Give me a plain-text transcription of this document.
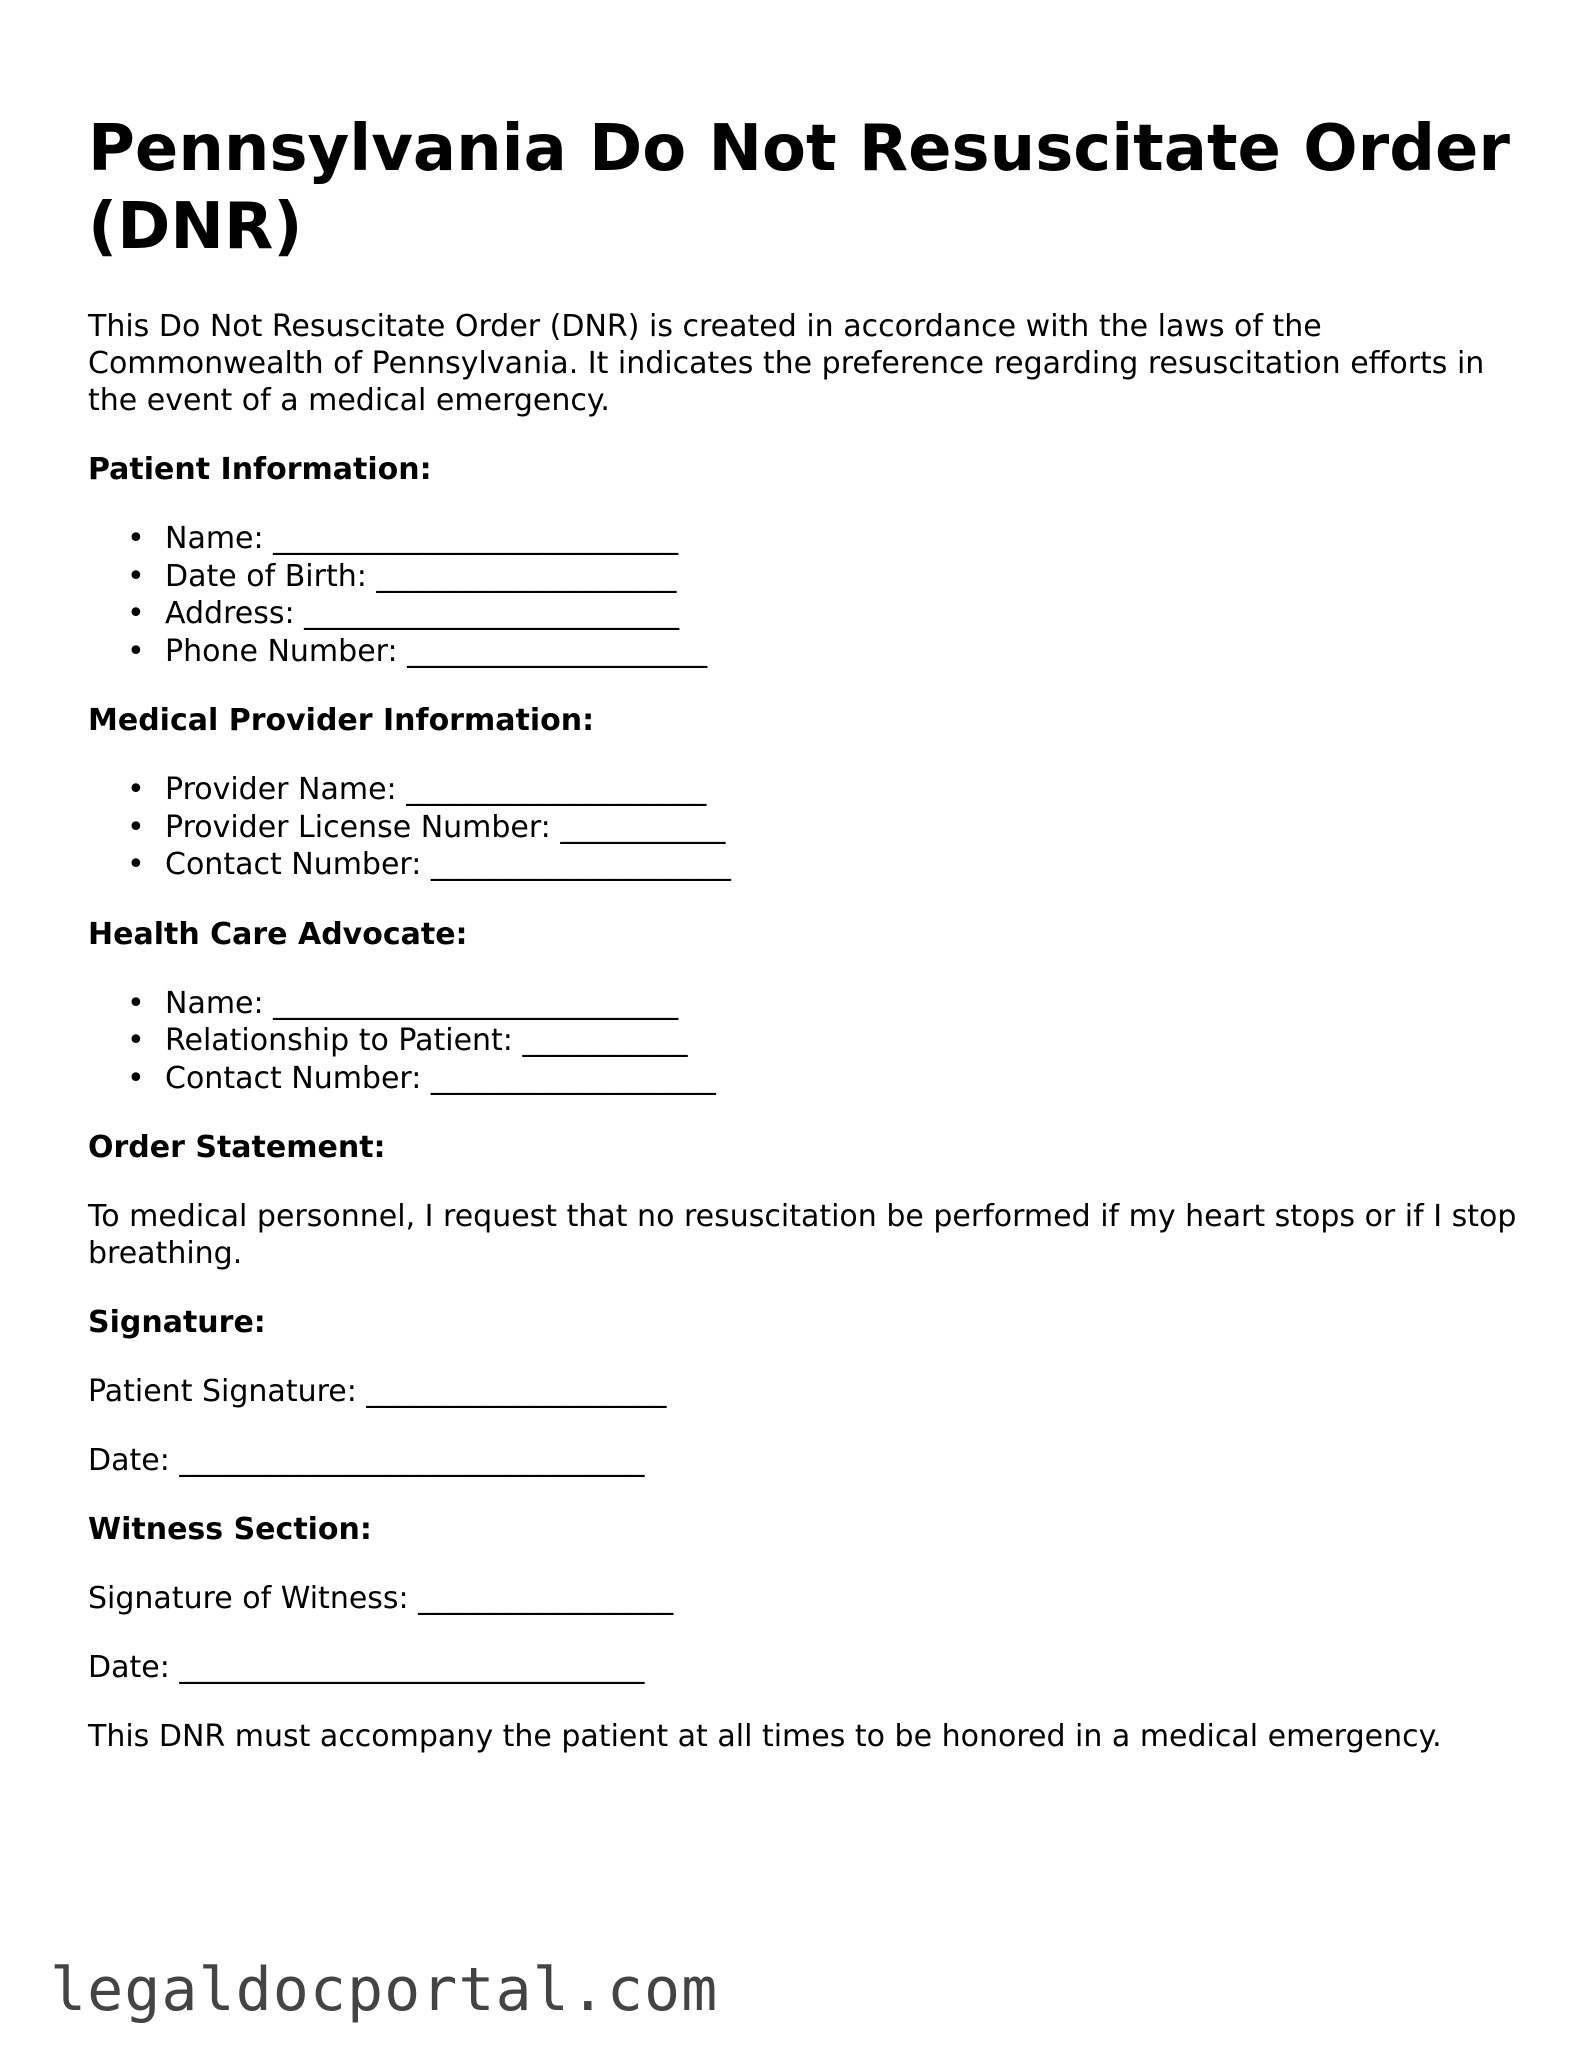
Pennsylvania Do Not Resuscitate Order (DNR)

This Do Not Resuscitate Order (DNR) is created in accordance with the laws of the Commonwealth of Pennsylvania. It indicates the preference regarding resuscitation efforts in the event of a medical emergency.

Patient Information:
• Name: ___________________________
• Date of Birth: ____________________
• Address: _________________________
• Phone Number: ____________________
Medical Provider Information:
• Provider Name: ____________________
• Provider License Number: ___________
• Contact Number: ____________________
Health Care Advocate:
• Name: ___________________________
• Relationship to Patient: ___________
• Contact Number: ___________________
Order Statement:

To medical personnel, I request that no resuscitation be performed if my heart stops or if I stop breathing.

Signature:

Patient Signature: ____________________

Date: _______________________________

Witness Section:

Signature of Witness: _________________

Date: _______________________________

This DNR must accompany the patient at all times to be honored in a medical emergency.

legaldocportal.com
